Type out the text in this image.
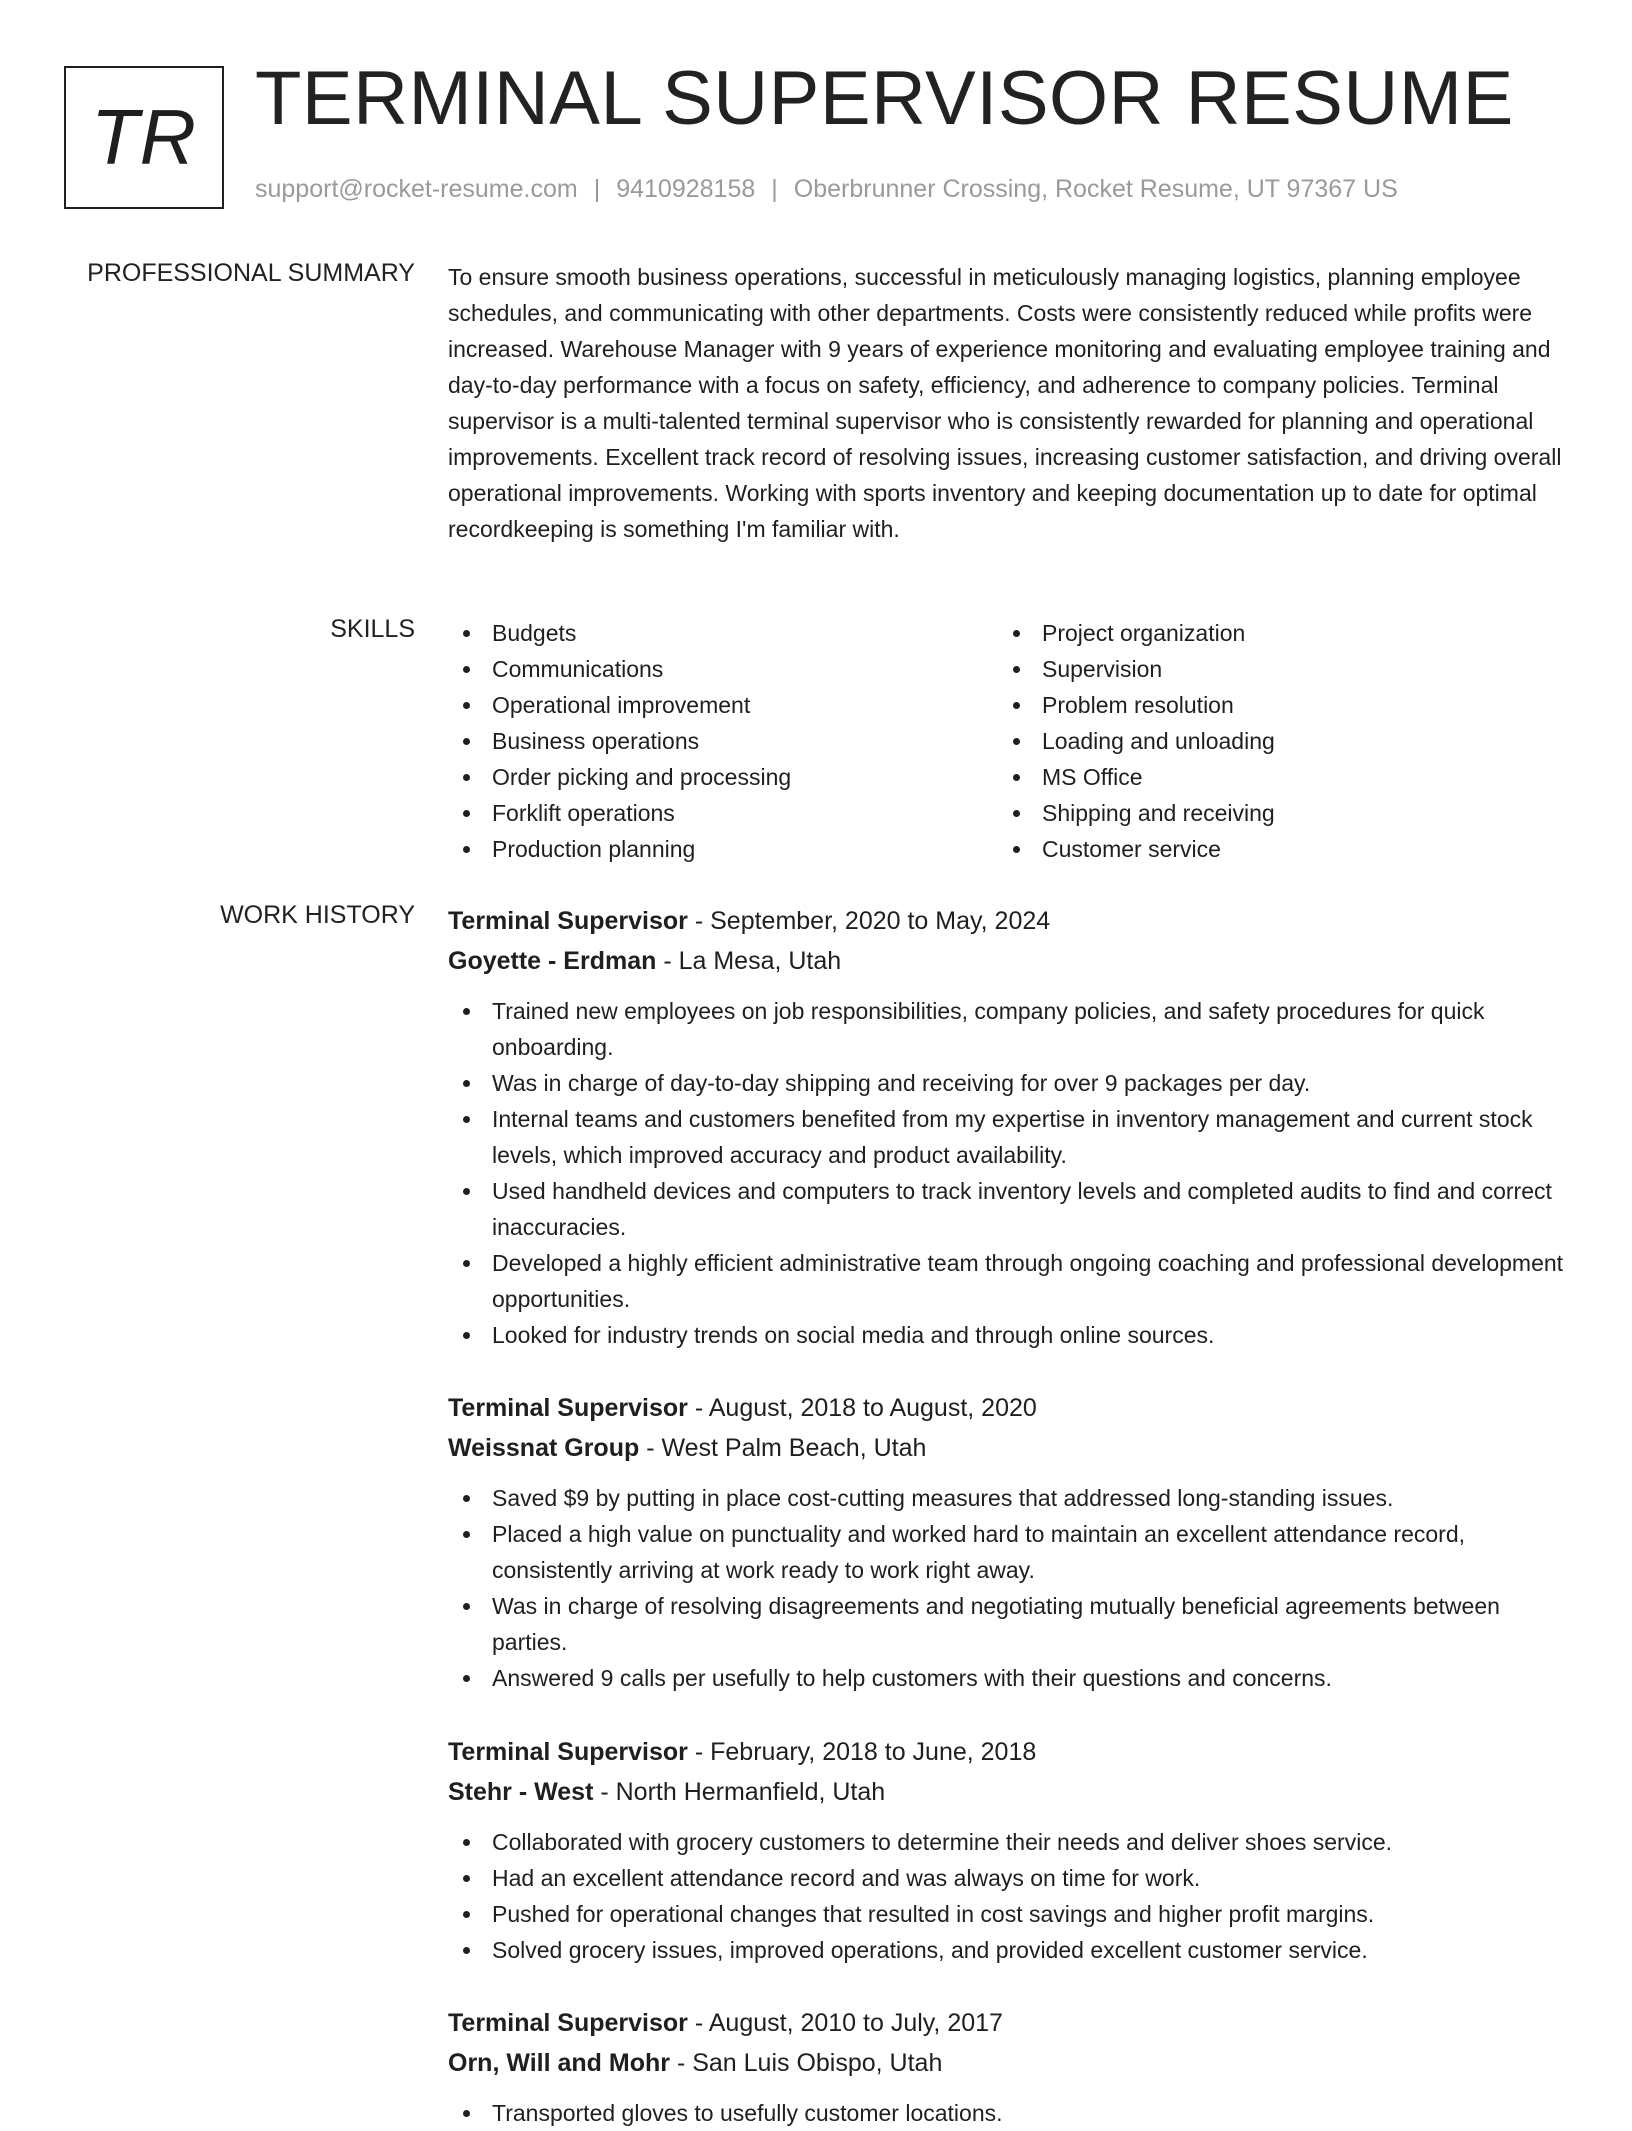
TR TERMINAL SUPERVISOR RESUME
support@rocket-resume.com | 9410928158 | Oberbrunner Crossing, Rocket Resume, UT 97367 US
PROFESSIONAL SUMMARY To ensure smooth business operations, successful in meticulously managing logistics, planning employee schedules, and communicating with other departments. Costs were consistently reduced while profits were increased. Warehouse Manager with 9 years of experience monitoring and evaluating employee training and day-to-day performance with a focus on safety, efficiency, and adherence to company policies. Terminal supervisor is a multi-talented terminal supervisor who is consistently rewarded for planning and operational improvements. Excellent track record of resolving issues, increasing customer satisfaction, and driving overall operational improvements. Working with sports inventory and keeping documentation up to date for optimal recordkeeping is something I'm familiar with.
SKILLS	Budgets
Communications
Operational improvement
Business operations
Order picking and processing
Forklift operations
Production planning
Project organization
Supervision
Problem resolution
Loading and unloading
MS Office
Shipping and receiving
Customer service
WORK HISTORY Terminal Supervisor - September, 2020 to May, 2024
Goyette - Erdman - La Mesa, Utah
Trained new employees on job responsibilities, company policies, and safety procedures for quick onboarding.
Was in charge of day-to-day shipping and receiving for over 9 packages per day.
Internal teams and customers benefited from my expertise in inventory management and current stock levels, which improved accuracy and product availability.
Used handheld devices and computers to track inventory levels and completed audits to find and correct inaccuracies.
Developed a highly efficient administrative team through ongoing coaching and professional development opportunities.
Looked for industry trends on social media and through online sources.
Terminal Supervisor - August, 2018 to August, 2020
Weissnat Group - West Palm Beach, Utah
Saved $9 by putting in place cost-cutting measures that addressed long-standing issues.
Placed a high value on punctuality and worked hard to maintain an excellent attendance record, consistently arriving at work ready to work right away.
Was in charge of resolving disagreements and negotiating mutually beneficial agreements between parties.
Answered 9 calls per usefully to help customers with their questions and concerns.
Terminal Supervisor - February, 2018 to June, 2018
Stehr - West - North Hermanfield, Utah
Collaborated with grocery customers to determine their needs and deliver shoes service.
Had an excellent attendance record and was always on time for work.
Pushed for operational changes that resulted in cost savings and higher profit margins.
Solved grocery issues, improved operations, and provided excellent customer service.
Terminal Supervisor - August, 2010 to July, 2017
Orn, Will and Mohr - San Luis Obispo, Utah
Transported gloves to usefully customer locations.
